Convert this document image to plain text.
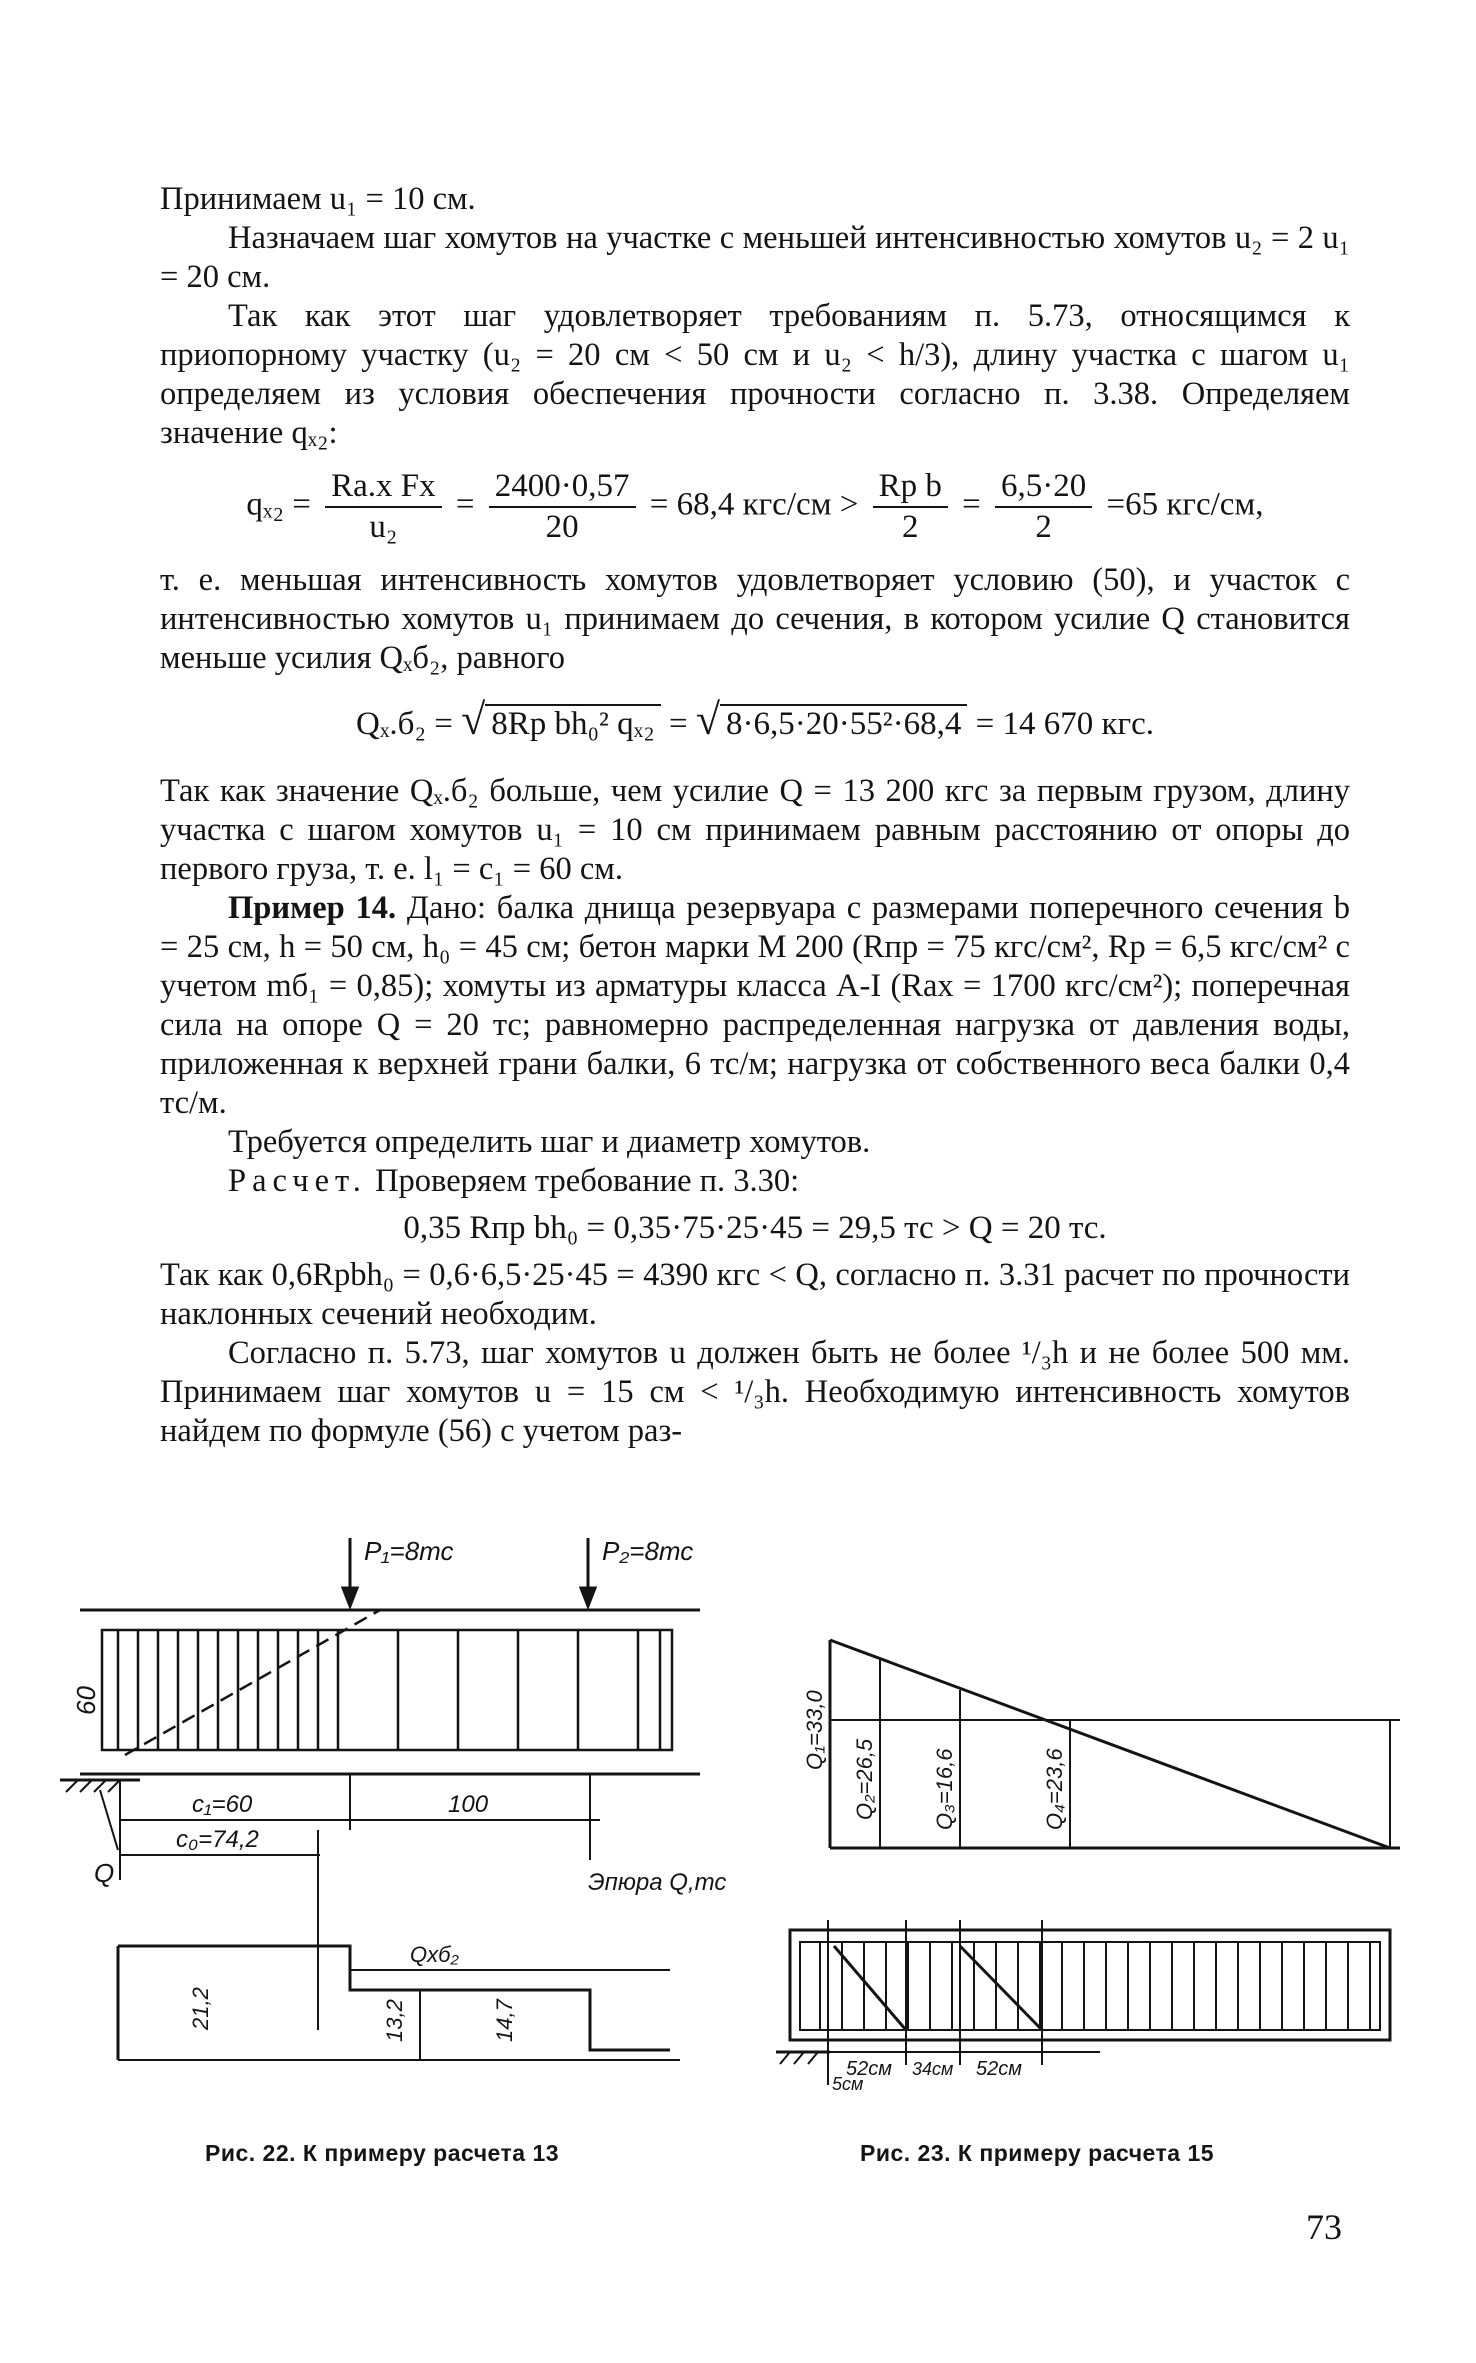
Принимаем u₁ = 10 см.

Назначаем шаг хомутов на участке с меньшей интенсивностью хомутов u₂ = 2 u₁ = 20 см.

Так как этот шаг удовлетворяет требованиям п. 5.73, относящимся к приопорному участку (u₂ = 20 см < 50 см и u₂ < h/3), длину участка с шагом u₁ определяем из условия обеспечения прочности согласно п. 3.38. Определяем значение qₓ₂:

$q_{x2} = \frac{\text{Rа.х Fх}}{\text{u₂}} = \frac{2400\cdot 0,57}{20} = 68,4$ $кгс/см > \frac{\text{Rр b}}{2} = \frac{6,5\cdot 20}{2} =65$ кгс/см,

т. е. меньшая интенсивность хомутов удовлетворяет условию (50), и участок с интенсивностью хомутов u₁ принимаем до сечения, в котором усилие Q становится меньше усилия Qₓб₂, равного

Qₓ.б₂ = √ 8Rр bh₀² qₓ₂ = √ 8·6,5·20·55²·68,4 = 14 670 кгс.

Так как значение Qₓ.б₂ больше, чем усилие Q = 13 200 кгс за первым грузом, длину участка с шагом хомутов u₁ = 10 см принимаем равным расстоянию от опоры до первого груза, т. е. l₁ = c₁ = 60 см.

Пример 14. Дано: балка днища резервуара с размерами поперечного сечения b = 25 см, h = 50 см, h₀ = 45 см; бетон марки М 200 (Rпр = 75 кгс/см², Rр = 6,5 кгс/см² с учетом mб₁ = 0,85); хомуты из арматуры класса А-I (Rах = 1700 кгс/см²); поперечная сила на опоре Q = 20 тс; равномерно распределенная нагрузка от давления воды, приложенная к верхней грани балки, 6 тс/м; нагрузка от собственного веса балки 0,4 тс/м.

Требуется определить шаг и диаметр хомутов.

Расчет. Проверяем требование п. 3.30:

0,35 Rпр bh₀ = 0,35·75·25·45 = 29,5 тс > Q = 20 тс.

Так как 0,6Rрbh₀ = 0,6·6,5·25·45 = 4390 кгс < Q, согласно п. 3.31 расчет по прочности наклонных сечений необходим.

Согласно п. 5.73, шаг хомутов u должен быть не более ¹/₃h и не более 500 мм. Принимаем шаг хомутов u = 15 см < ¹/₃h. Необходимую интенсивность хомутов найдем по формуле (56) с учетом раз-

P₁=8тс	P₂=8тс
60
Q
c₁=60	100
c₀=74,2
Эпюра Q,тс
Qхб₂
21,2	13,2	14,7
Q₁=33,0
Q₂=26,5	Q₃=16,6	Q₄=23,6
52см 34см 52см
5см
Рис. 22. К примеру расчета 13	Рис. 23. К примеру расчета 15
73
